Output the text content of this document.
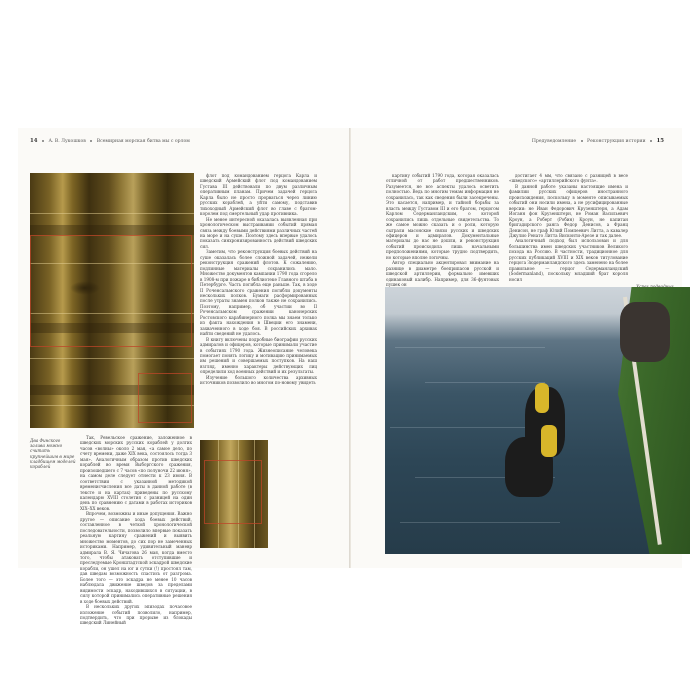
14 А. В. Лукошков Всемирная морская битва мы с орлом	Предуведомление Реконструкция истории 15
Два Финского залива можно считать крупнейшим в мире кладбищем моделей кораблей

Так, Ревельское сражение, заложенное в шведских морских русских кораблей у долгих часов «волны» около 2 мая, «а самое дело, по счету времени, даже XIX века, состоялось тогда 3 мая». Аналогичным образом против шведских кораблей во время Выборгского сражения, произошедшего с 7 часов «по полуночи 22 июня», на самом деле следует отнести к 23 июня. В соответствии с указанной методикой временисчисления все даты в данной работе (в тексте и на картах) приведены по русскому календарю XVIII столетия с разницей на один день по сравнению с датами в работах историков XIX–XX веков.

Впрочем, возможны и иные допущения. Важно другое — описание хода боевых действий, составленное в четкой хронологической последовательности, позволило впервые показать реальную картину сражений и выявить множество моментов, до сих пор не замеченных историками. Например, удивительный маневр адмирала В. Я. Чичагова 26 мая, когда вместо того, чтобы атаковать отступившие и преследуемые Кронштадтской эскадрой шведские корабли, он ушел на юг и сутки (!) простоял там, дав шведам возможность спастись от разгрома. Более того — это эскадра не менее 10 часов наблюдала движение шведов за пределами видимости эскадр, находившихся в ситуации, в силу которой принимались оперативные решения в ходе боевых действий.

В нескольких других эпизодах почасовое изложение событий позволило, например, подтвердить, что при прорыве из блокады шведский Линейный

флот под командованием герцога Карла и шведский Армейский флот под командованием Густава III действовали по двум различным оперативным планам. Причем задачей герцога Карла было не просто прорваться через линию русских кораблей, а уйти самому, подставив тихоходный Армейский флот во главе с братом-королем под смертельный удар противника.

Не менее интересной оказалась выявленная при хронологическом выстраивании событий прямая связь между боевыми действиями различных частей на море и на суше. Поэтому здесь впервые удалось показать синхронизированность действий шведских сил.

Заметим, что реконструкция боевых действий на суше оказалась более сложной задачей, нежели реконструкция сражений флотов. К сожалению, подлинные материалы сохранились мало. Множество документов кампании 1790 года сгорело в 1908-м при пожаре в библиотеке Главного штаба в Петербурге. Часть погибла еще раньше. Так, в ходе II Роченсальмского сражения погибли документы нескольких полков. Бумаги расформированных после утраты знамен полков также не сохранились. Поэтому, например, об участии во II Роченсальмском сражении канонерских Ростовского карабинерного полка мы знаем только из факта нахождения в Швеции его знамени, захваченного в ходе боя. В российских архивах найти сведений не удалось.

В книгу включены подробные биографии русских адмиралов и офицеров, которые принимали участие в событиях 1790 года. Жизнеописание человека помогает понять логику и мотивацию принимаемых им решений и совершаемых поступков. На наш взгляд, именно характеры действующих лиц определили ход военных действий и их результаты.

Изучение большого количества архивных источников позволило во многом по-новому увидеть

картину событий 1790 года, которая оказалась отличной от работ предшественников. Разумеется, не все аспекты удалось осветить полностью. Ведь по многим темам информация не сохранилась, так как сведения были засекречены. Это касается, например, и тайной борьбы за власть между Густавом III и его братом, герцогом Карлом Седерманландским, о которой сохранились лишь отдельные свидетельства. То же самое можно сказать и о роли, которую сыграли масонские связи русских и шведских офицеров и адмиралов. Документальные материалы до нас не дошли, и реконструкция событий происходила лишь начальными предположениями, которые трудно подтвердить, но которые вполне логичны.

Автор специально акцентировал внимание на разнице в диаметре боеприпасов русской и шведской артиллерии, формально имевших одинаковый калибр. Например, для 36-фунтовых пушек он

достигает 4 мм, что связано с разницей в весе «шведского» «артиллерийского фунта».

В данной работе указаны настоящие имена и фамилии русских офицеров иностранного происхождения, поскольку в моменте описываемых событий они носили имена, а не русифицированные версии: не Иван Федорович Крузенштерн, а Адам Иоганн фон Крузенштерн, не Роман Васильевич Кроун, а Роберт (Робин) Кроун, не капитан бригадирского ранга Федор Денисов, а Франц Денисон, не граф Юлий Помпеевич Литта, а кавалер Джулио Ренато Литта Висконти-Арезе и так далее.

Аналогичный подход был использован и для большинства имен шведских участников Великого похода на Россию. В частности, традиционное для русских публикаций XVIII и XIX веков титулование герцога Зюдерманландского здесь заменено на более правильное — герцог Седерманландский (Sodermanland), поскольку младший брат короля носил
